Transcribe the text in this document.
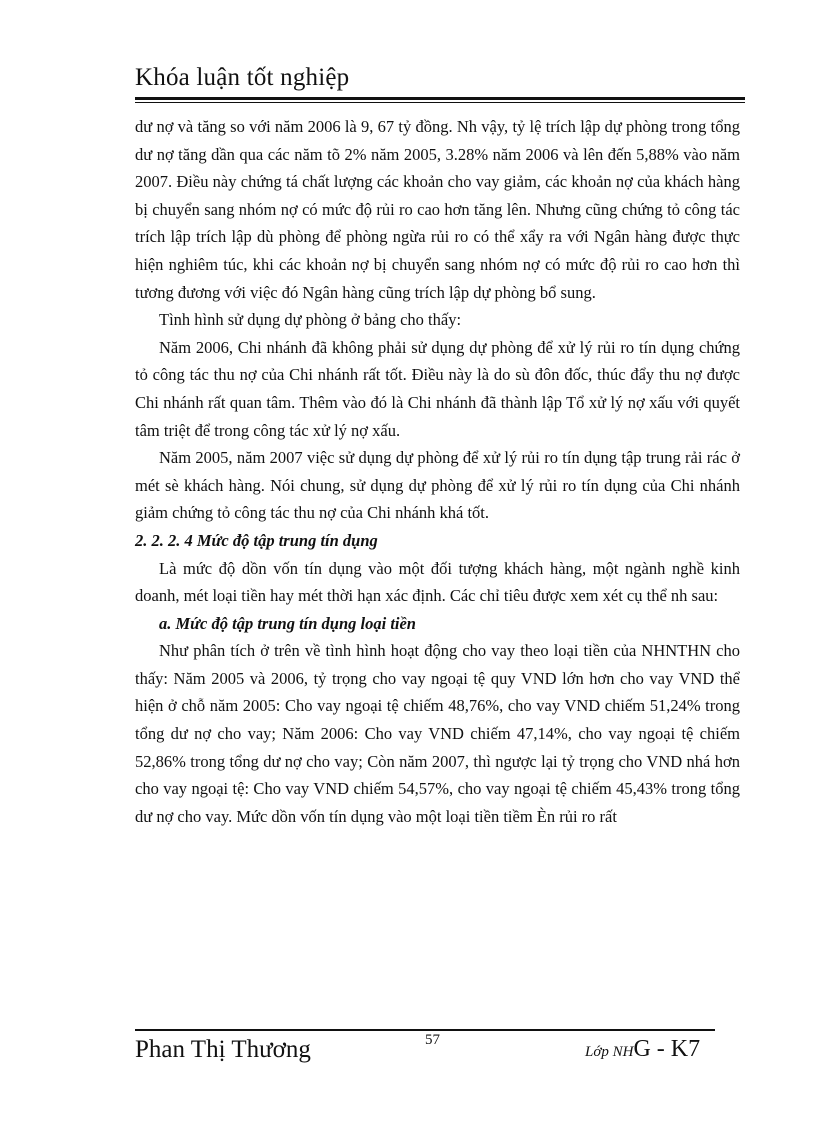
Khóa luận tốt nghiệp

dư nợ và tăng so với năm 2006 là 9, 67 tỷ đồng. Nh vậy, tỷ lệ trích lập dự phòng trong tổng dư nợ tăng dần qua các năm tõ 2% năm 2005, 3.28% năm 2006 và lên đến 5,88% vào năm 2007. Điều này chứng tá chất lượng các khoản cho vay giảm, các khoản nợ của khách hàng bị chuyển sang nhóm nợ có mức độ rủi ro cao hơn tăng lên. Nhưng cũng chứng tỏ công tác trích lập trích lập dù phòng để phòng ngừa rủi ro có thể xẩy ra với Ngân hàng được thực hiện nghiêm túc, khi các khoản nợ bị chuyển sang nhóm nợ có mức độ rủi ro cao hơn thì tương đương với việc đó Ngân hàng cũng trích lập dự phòng bổ sung.

Tình hình sử dụng dự phòng ở bảng cho thấy:

Năm 2006, Chi nhánh đã không phải sử dụng dự phòng để xử lý rủi ro tín dụng chứng tỏ công tác thu nợ của Chi nhánh rất tốt. Điều này là do sù đôn đốc, thúc đẩy thu nợ được Chi nhánh rất quan tâm. Thêm vào đó là Chi nhánh đã thành lập Tổ xử lý nợ xấu với quyết tâm triệt để trong công tác xử lý nợ xấu.

Năm 2005, năm 2007 việc sử dụng dự phòng để xử lý rủi ro tín dụng tập trung rải rác ở mét sè khách hàng. Nói chung, sử dụng dự phòng để xử lý rủi ro tín dụng của Chi nhánh giảm chứng tỏ công tác thu nợ của Chi nhánh khá tốt.

2. 2. 2. 4 Mức độ tập trung tín dụng

Là mức độ dồn vốn tín dụng vào một đối tượng khách hàng, một ngành nghề kinh doanh, mét loại tiền hay mét thời hạn xác định. Các chỉ tiêu được xem xét cụ thể nh sau:

a. Mức độ tập trung tín dụng loại tiền

Như phân tích ở trên về tình hình hoạt động cho vay theo loại tiền của NHNTHN cho thấy: Năm 2005 và 2006, tỷ trọng cho vay ngoại tệ quy VND lớn hơn cho vay VND thể hiện ở chỗ năm 2005: Cho vay ngoại tệ chiếm 48,76%, cho vay VND chiếm 51,24% trong tổng dư nợ cho vay; Năm 2006: Cho vay VND chiếm 47,14%, cho vay ngoại tệ chiếm 52,86% trong tổng dư nợ cho vay; Còn năm 2007, thì ngược lại tỷ trọng cho VND nhá hơn cho vay ngoại tệ: Cho vay VND chiếm 54,57%, cho vay ngoại tệ chiếm 45,43% trong tổng dư nợ cho vay. Mức dồn vốn tín dụng vào một loại tiền tiềm Èn rủi ro rất

Phan Thị Thương	57
Lớp NHG - K7
